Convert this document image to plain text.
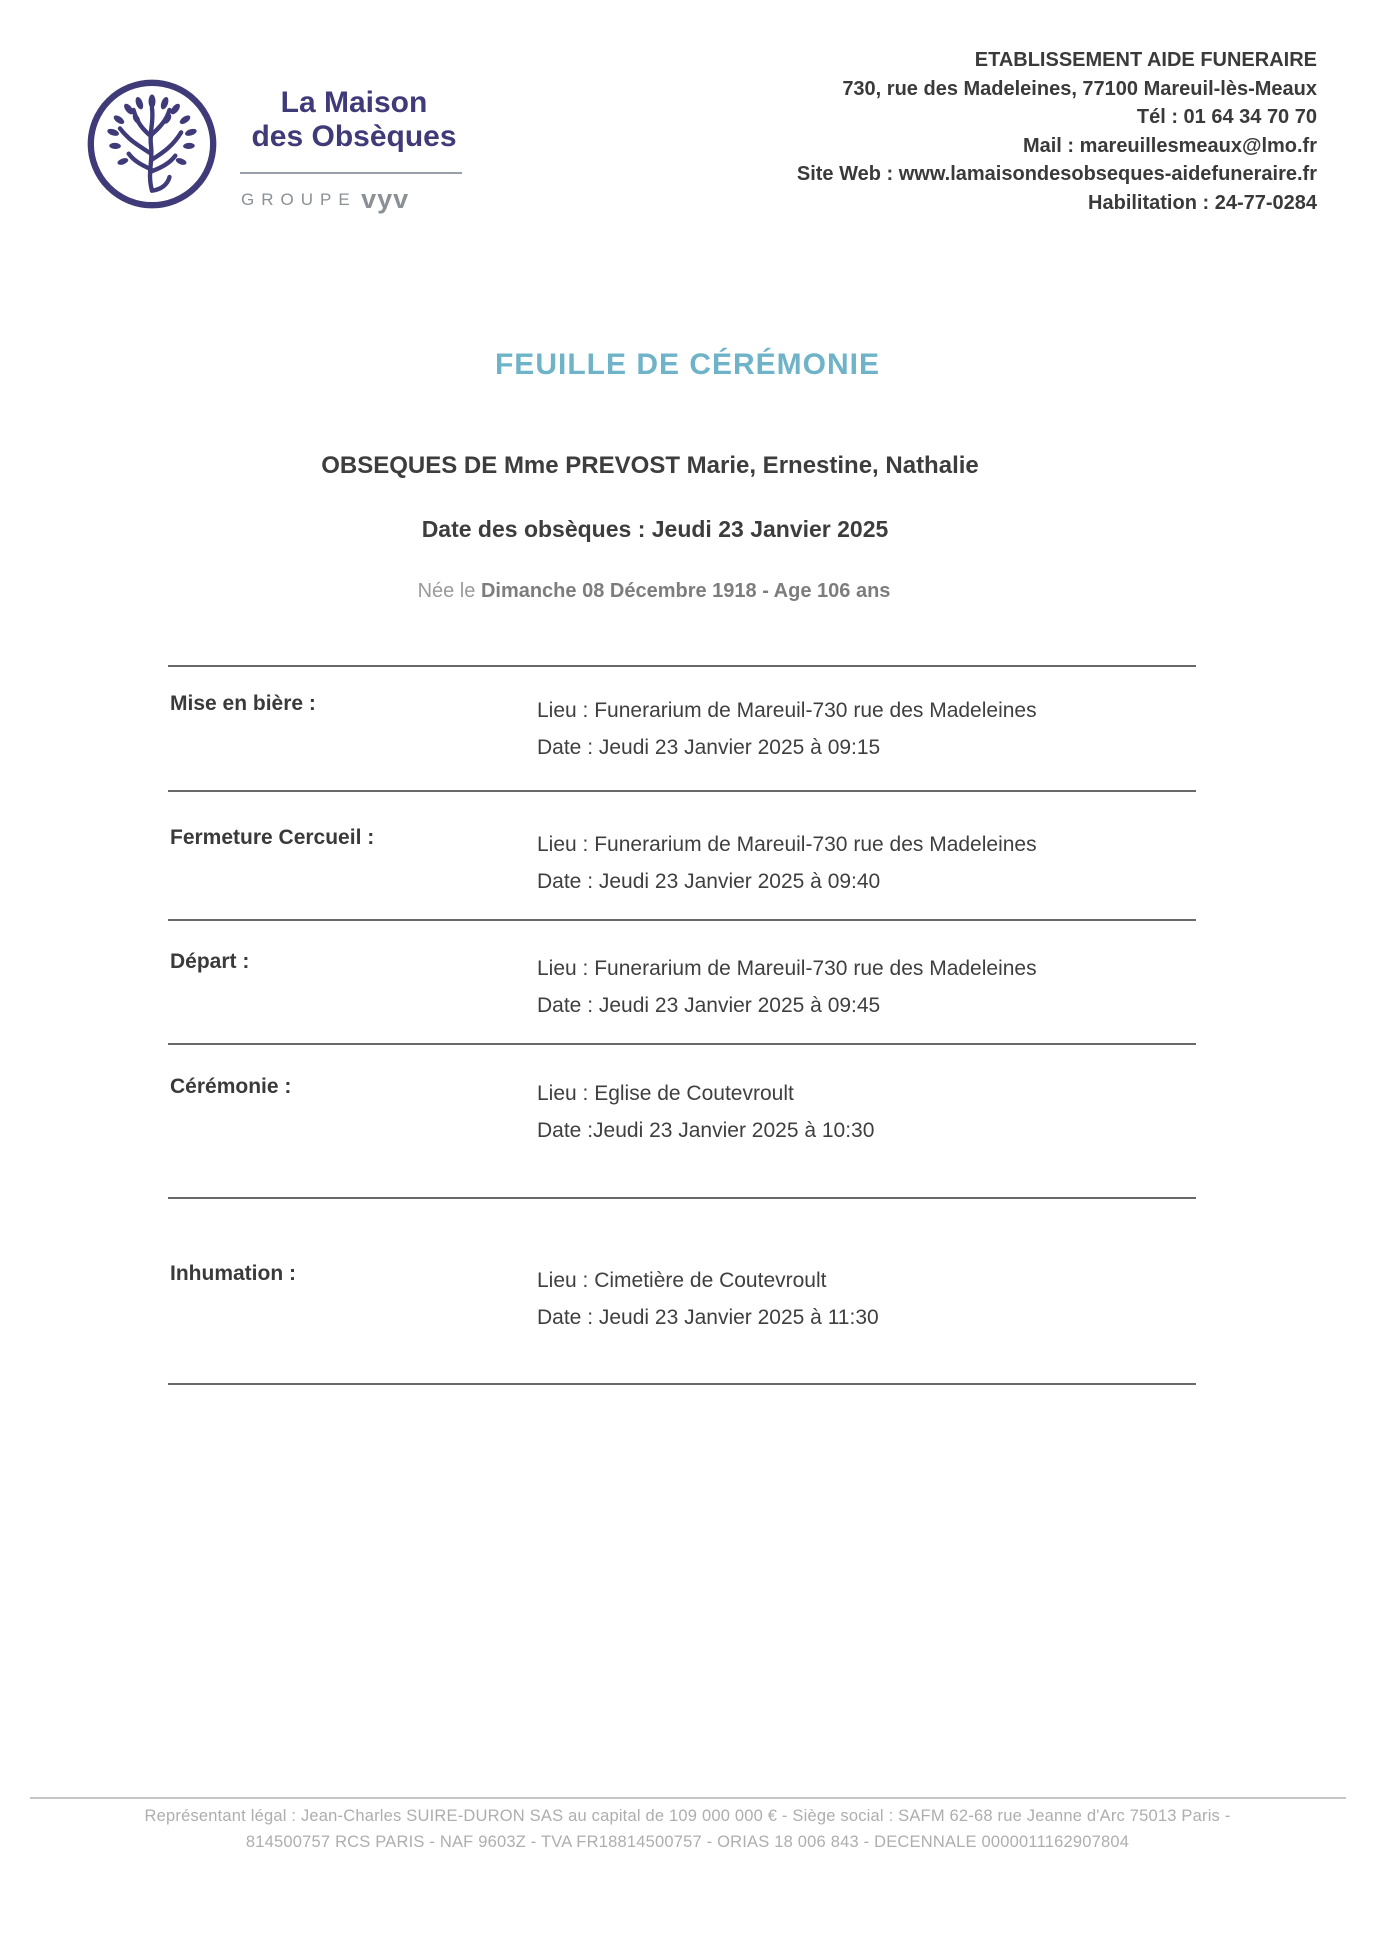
La Maison
des Obsèques
GROUPE vyv
ETABLISSEMENT AIDE FUNERAIRE
730, rue des Madeleines, 77100 Mareuil-lès-Meaux
Tél : 01 64 34 70 70
Mail : mareuillesmeaux@lmo.fr
Site Web : www.lamaisondesobseques-aidefuneraire.fr
Habilitation : 24-77-0284
FEUILLE DE CÉRÉMONIE
OBSEQUES DE Mme PREVOST Marie, Ernestine, Nathalie
Date des obsèques : Jeudi 23 Janvier 2025
Née le Dimanche 08 Décembre 1918 - Age 106 ans
Mise en bière :	Lieu : Funerarium de Mareuil-730 rue des Madeleines
Date : Jeudi 23 Janvier 2025 à 09:15
Fermeture Cercueil :	Lieu : Funerarium de Mareuil-730 rue des Madeleines
Date : Jeudi 23 Janvier 2025 à 09:40
Départ :	Lieu : Funerarium de Mareuil-730 rue des Madeleines
Date : Jeudi 23 Janvier 2025 à 09:45
Cérémonie :	Lieu : Eglise de Coutevroult
Date :Jeudi 23 Janvier 2025 à 10:30
Inhumation :	Lieu : Cimetière de Coutevroult
Date : Jeudi 23 Janvier 2025 à 11:30
Représentant légal : Jean-Charles SUIRE-DURON SAS au capital de 109 000 000 € - Siège social : SAFM 62-68 rue Jeanne d'Arc 75013 Paris -
814500757 RCS PARIS - NAF 9603Z - TVA FR18814500757 - ORIAS 18 006 843 - DECENNALE 0000011162907804
